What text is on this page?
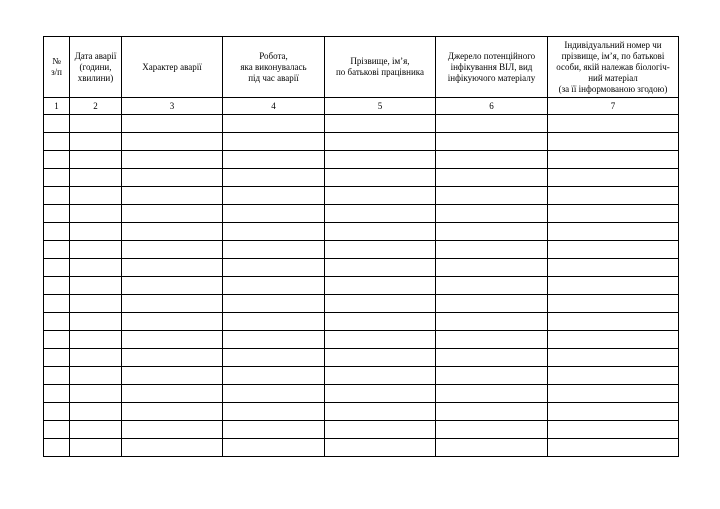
№
з/п	Дата аварії
(години,
хвилини)	Характер аварії	Робота,
яка виконувалась
під час аварії	Прізвище, ім’я,
по батькові працівника	Джерело потенційного
інфікування ВІЛ, вид
інфікуючого матеріалу	Індивідуальний номер чи
прізвище, ім’я, по батькові
особи, якій належав біологіч-
ний матеріал
(за її інформованою згодою)
1	2	3	4	5	6	7
